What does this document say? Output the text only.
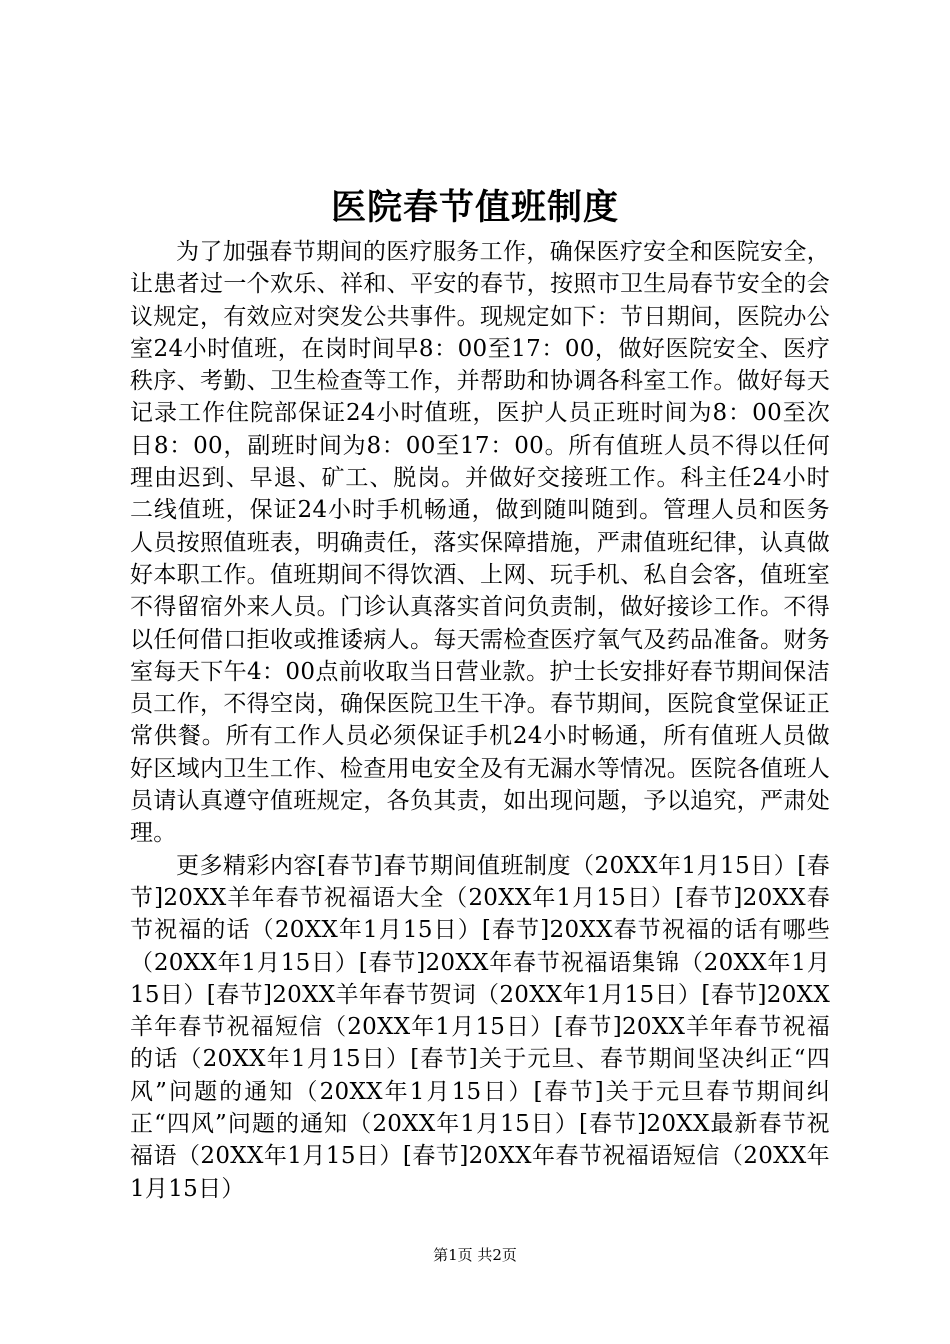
医院春节值班制度

为了加强春节期间的医疗服务工作，确保医疗安全和医院安全，让患者过一个欢乐、祥和、平安的春节，按照市卫生局春节安全的会议规定，有效应对突发公共事件。现规定如下：节日期间，医院办公室24小时值班，在岗时间早8：00至17：00，做好医院安全、医疗秩序、考勤、卫生检查等工作，并帮助和协调各科室工作。做好每天记录工作住院部保证24小时值班，医护人员正班时间为8：00至次日8：00，副班时间为8：00至17：00。所有值班人员不得以任何理由迟到、早退、矿工、脱岗。并做好交接班工作。科主任24小时二线值班，保证24小时手机畅通，做到随叫随到。管理人员和医务人员按照值班表，明确责任，落实保障措施，严肃值班纪律，认真做好本职工作。值班期间不得饮酒、上网、玩手机、私自会客，值班室不得留宿外来人员。门诊认真落实首问负责制，做好接诊工作。不得以任何借口拒收或推诿病人。每天需检查医疗氧气及药品准备。财务室每天下午4：00点前收取当日营业款。护士长安排好春节期间保洁员工作，不得空岗，确保医院卫生干净。春节期间，医院食堂保证正常供餐。所有工作人员必须保证手机24小时畅通，所有值班人员做好区域内卫生工作、检查用电安全及有无漏水等情况。医院各值班人员请认真遵守值班规定，各负其责，如出现问题，予以追究，严肃处理。

更多精彩内容[春节]春节期间值班制度（20XX年1月15日）[春节]20XX羊年春节祝福语大全（20XX年1月15日）[春节]20XX春节祝福的话（20XX年1月15日）[春节]20XX春节祝福的话有哪些（20XX年1月15日）[春节]20XX年春节祝福语集锦（20XX年1月15日）[春节]20XX羊年春节贺词（20XX年1月15日）[春节]20XX羊年春节祝福短信（20XX年1月15日）[春节]20XX羊年春节祝福的话（20XX年1月15日）[春节]关于元旦、春节期间坚决纠正“四风”问题的通知（20XX年1月15日）[春节]关于元旦春节期间纠正“四风”问题的通知（20XX年1月15日）[春节]20XX最新春节祝福语（20XX年1月15日）[春节]20XX年春节祝福语短信（20XX年1月15日）

第1页 共2页
